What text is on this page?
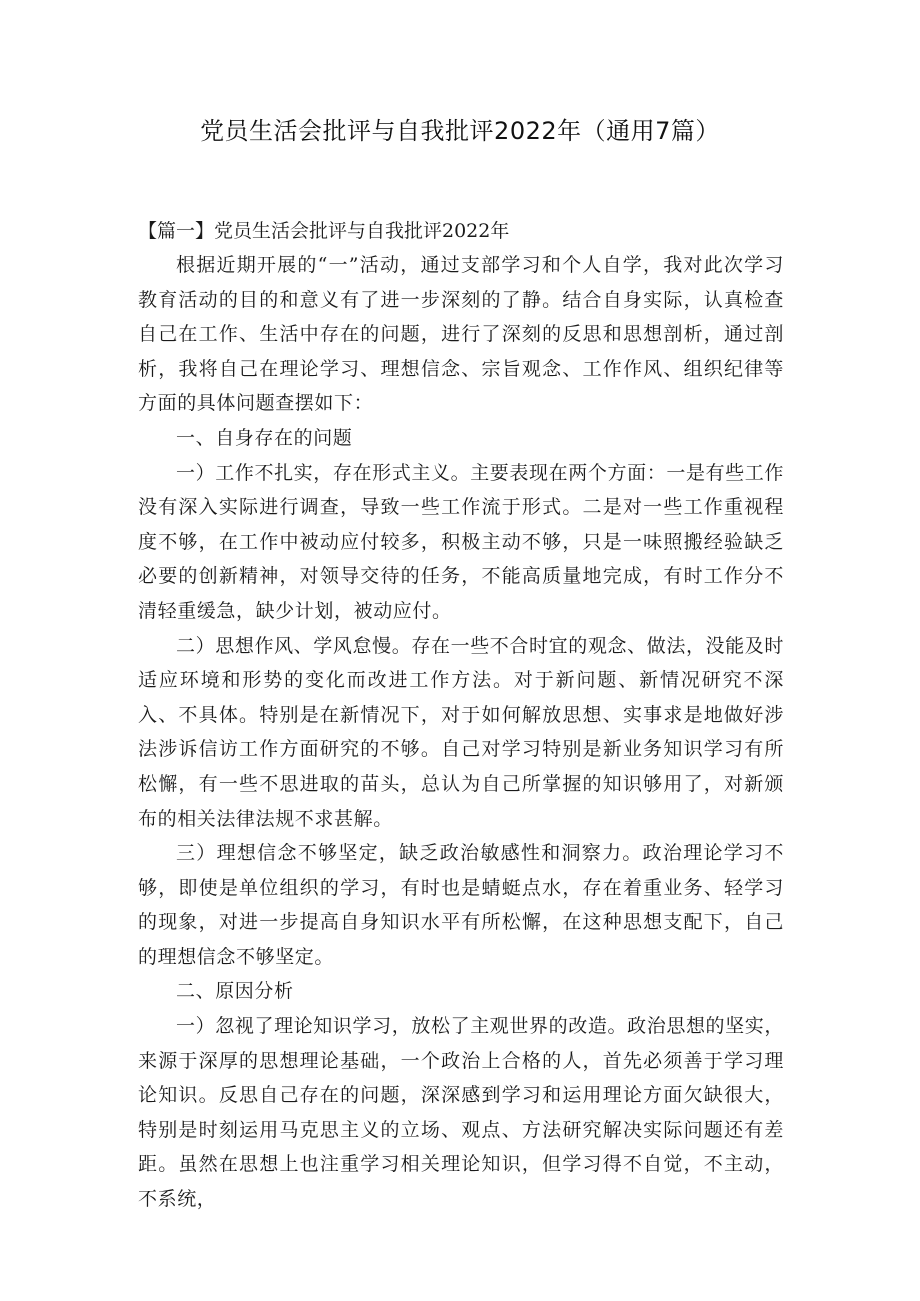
党员生活会批评与自我批评2022年（通用7篇）

【篇一】党员生活会批评与自我批评2022年

根据近期开展的“一”活动，通过支部学习和个人自学，我对此次学习教育活动的目的和意义有了进一步深刻的了静。结合自身实际，认真检查自己在工作、生活中存在的问题，进行了深刻的反思和思想剖析，通过剖析，我将自己在理论学习、理想信念、宗旨观念、工作作风、组织纪律等方面的具体问题查摆如下：

一、自身存在的问题

一）工作不扎实，存在形式主义。主要表现在两个方面：一是有些工作没有深入实际进行调查，导致一些工作流于形式。二是对一些工作重视程度不够，在工作中被动应付较多，积极主动不够，只是一味照搬经验缺乏必要的创新精神，对领导交待的任务，不能高质量地完成，有时工作分不清轻重缓急，缺少计划，被动应付。

二）思想作风、学风怠慢。存在一些不合时宜的观念、做法，没能及时适应环境和形势的变化而改进工作方法。对于新问题、新情况研究不深入、不具体。特别是在新情况下，对于如何解放思想、实事求是地做好涉法涉诉信访工作方面研究的不够。自己对学习特别是新业务知识学习有所松懈，有一些不思进取的苗头，总认为自己所掌握的知识够用了，对新颁布的相关法律法规不求甚解。

三）理想信念不够坚定，缺乏政治敏感性和洞察力。政治理论学习不够，即使是单位组织的学习，有时也是蜻蜓点水，存在着重业务、轻学习的现象，对进一步提高自身知识水平有所松懈，在这种思想支配下，自己的理想信念不够坚定。

二、原因分析

一）忽视了理论知识学习，放松了主观世界的改造。政治思想的坚实，来源于深厚的思想理论基础，一个政治上合格的人，首先必须善于学习理论知识。反思自己存在的问题，深深感到学习和运用理论方面欠缺很大，特别是时刻运用马克思主义的立场、观点、方法研究解决实际问题还有差距。虽然在思想上也注重学习相关理论知识，但学习得不自觉，不主动，不系统，
